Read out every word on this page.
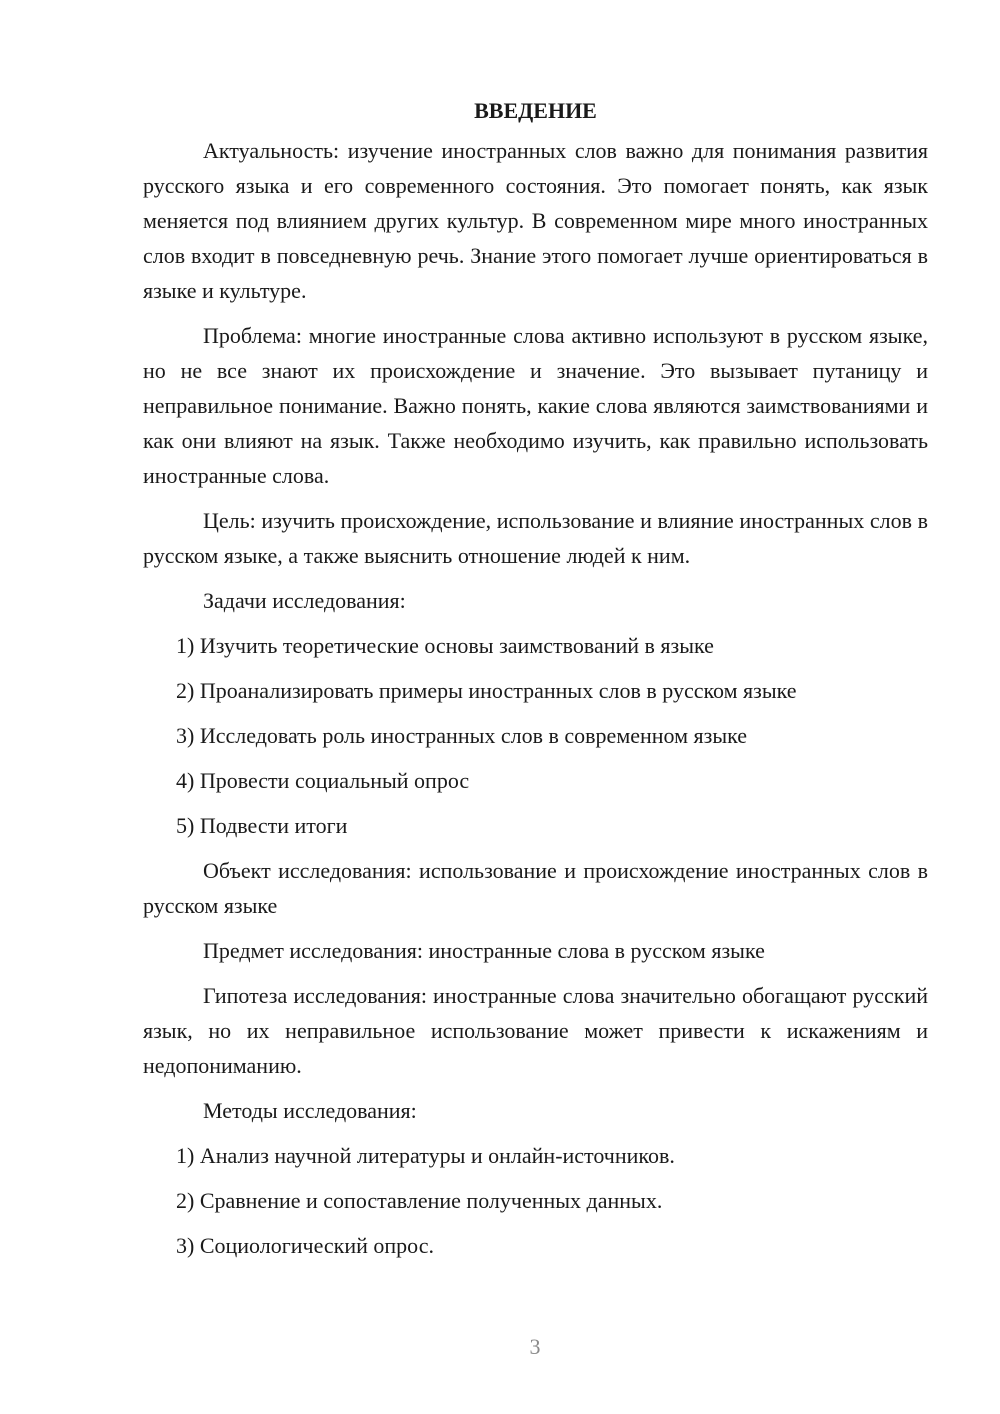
ВВЕДЕНИЕ

Актуальность: изучение иностранных слов важно для понимания развития русского языка и его современного состояния. Это помогает понять, как язык меняется под влиянием других культур. В современном мире много иностранных слов входит в повседневную речь. Знание этого помогает лучше ориентироваться в языке и культуре.

Проблема: многие иностранные слова активно используют в русском языке, но не все знают их происхождение и значение. Это вызывает путаницу и неправильное понимание. Важно понять, какие слова являются заимствованиями и как они влияют на язык. Также необходимо изучить, как правильно использовать иностранные слова.

Цель: изучить происхождение, использование и влияние иностранных слов в русском языке, а также выяснить отношение людей к ним.

Задачи исследования:

1) Изучить теоретические основы заимствований в языке

2) Проанализировать примеры иностранных слов в русском языке

3) Исследовать роль иностранных слов в современном языке

4) Провести социальный опрос

5) Подвести итоги

Объект исследования: использование и происхождение иностранных слов в русском языке

Предмет исследования: иностранные слова в русском языке

Гипотеза исследования: иностранные слова значительно обогащают русский язык, но их неправильное использование может привести к искажениям и недопониманию.

Методы исследования:

1) Анализ научной литературы и онлайн-источников.

2) Сравнение и сопоставление полученных данных.

3) Социологический опрос.

3
